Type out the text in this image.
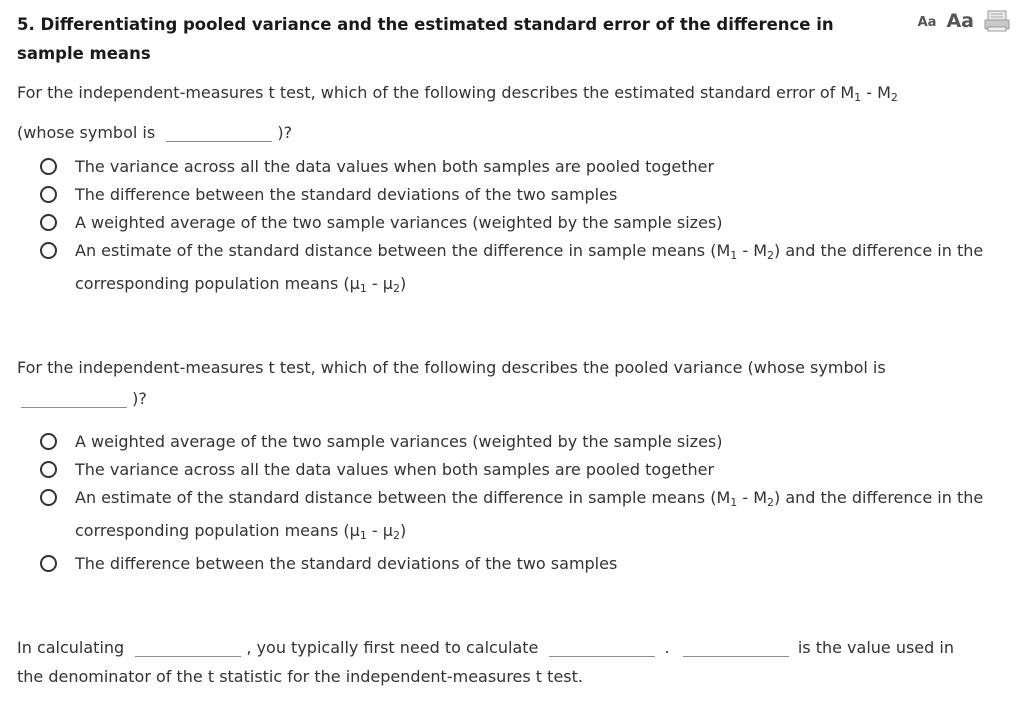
5. Differentiating pooled variance and the estimated standard error of the difference in sample means
Aa Aa
For the independent-measures t test, which of the following describes the estimated standard error of $M_1 - M_2$
(whose symbol is	)?
The variance across all the data values when both samples are pooled together
The difference between the standard deviations of the two samples
A weighted average of the two sample variances (weighted by the sample sizes)
An estimate of the standard distance between the difference in sample means $(M_1 - M_2)$ and the difference in the corresponding population means $(\mu_1 - \mu_2)$
For the independent-measures t test, which of the following describes the pooled variance (whose symbol is
)?
A weighted average of the two sample variances (weighted by the sample sizes)
The variance across all the data values when both samples are pooled together
An estimate of the standard distance between the difference in sample means $(M_1 - M_2)$ and the difference in the corresponding population means $(\mu_1 - \mu_2)$
The difference between the standard deviations of the two samples
In calculating	, you typically first need to calculate	.	is the value used in
the denominator of the t statistic for the independent-measures t test.
